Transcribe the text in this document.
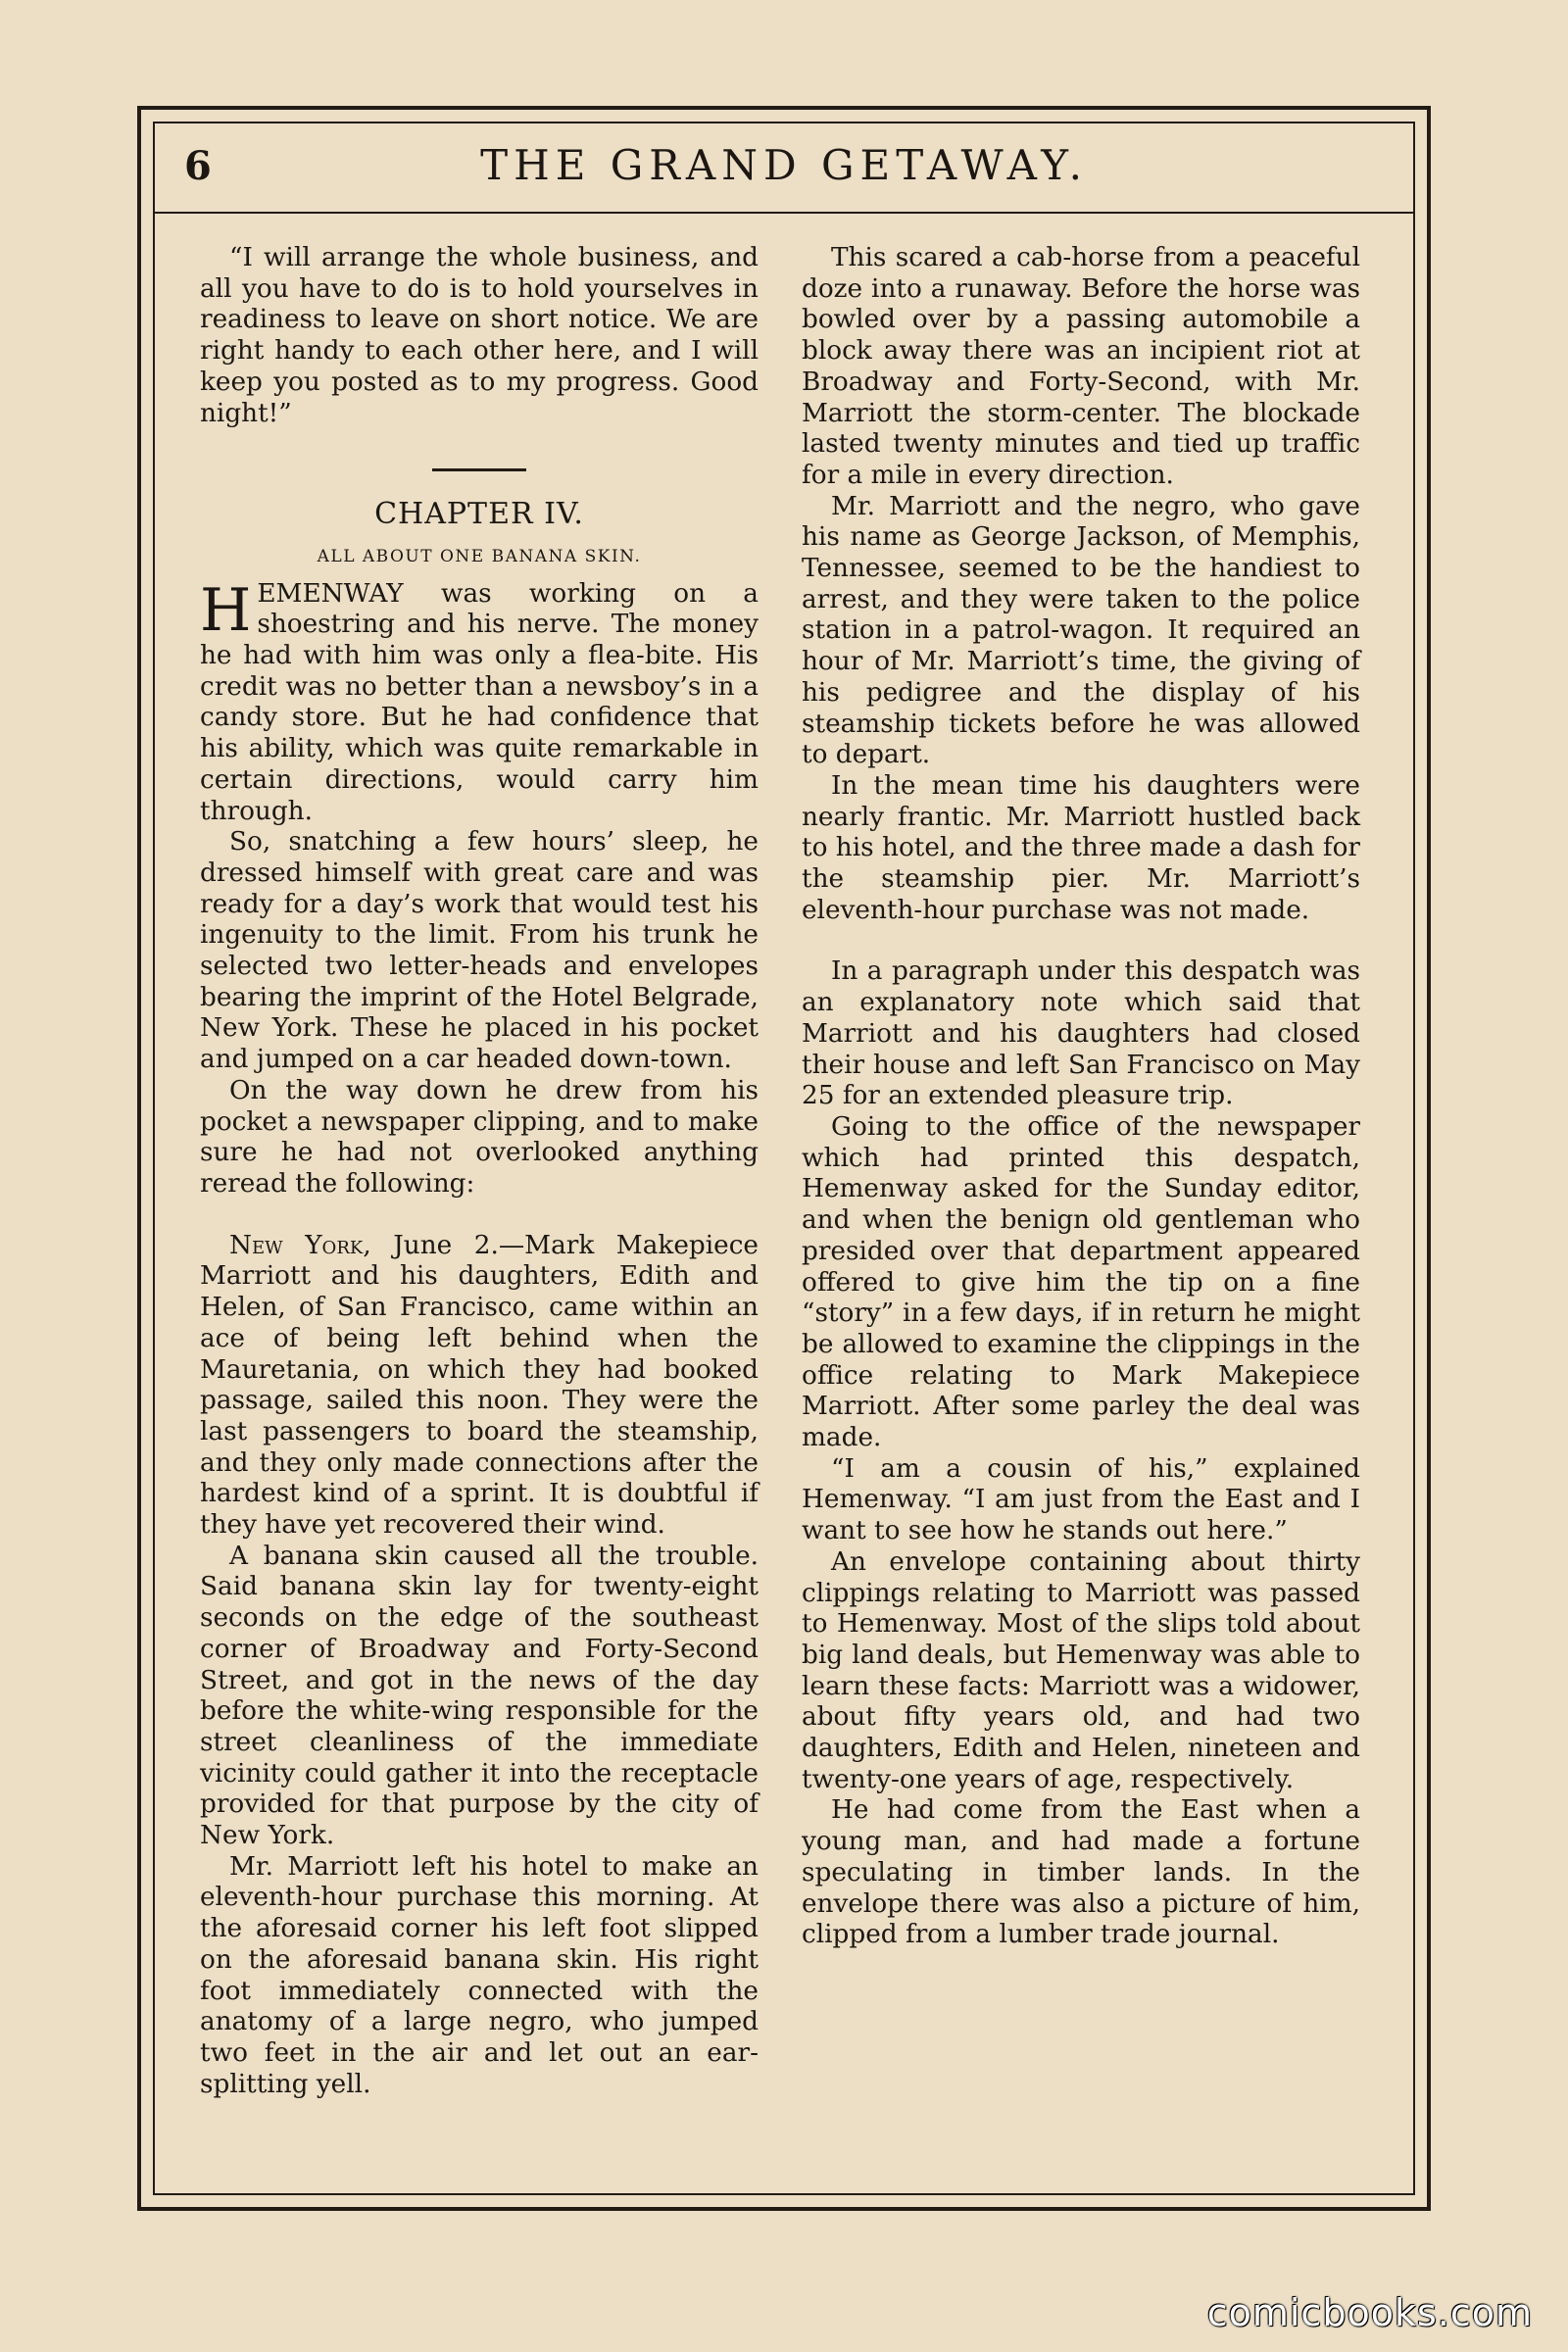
6	THE GRAND GETAWAY.

“I will arrange the whole business, and all you have to do is to hold yourselves in readiness to leave on short notice. We are right handy to each other here, and I will keep you posted as to my progress. Good night!”

CHAPTER IV.
ALL ABOUT ONE BANANA SKIN.

HEMENWAY was working on a shoestring and his nerve. The money he had with him was only a flea-bite. His credit was no better than a newsboy’s in a candy store. But he had confidence that his ability, which was quite remarkable in certain directions, would carry him through.

So, snatching a few hours’ sleep, he dressed himself with great care and was ready for a day’s work that would test his ingenuity to the limit. From his trunk he selected two letter-heads and envelopes bearing the imprint of the Hotel Belgrade, New York. These he placed in his pocket and jumped on a car headed down-town.

On the way down he drew from his pocket a newspaper clipping, and to make sure he had not overlooked anything reread the following:

New York, June 2.—Mark Makepiece Marriott and his daughters, Edith and Helen, of San Francisco, came within an ace of being left behind when the Mauretania, on which they had booked passage, sailed this noon. They were the last passengers to board the steamship, and they only made connections after the hardest kind of a sprint. It is doubtful if they have yet recovered their wind.

A banana skin caused all the trouble. Said banana skin lay for twenty-eight seconds on the edge of the southeast corner of Broadway and Forty-Second Street, and got in the news of the day before the white-wing responsible for the street cleanliness of the immediate vicinity could gather it into the receptacle provided for that purpose by the city of New York.

Mr. Marriott left his hotel to make an eleventh-hour purchase this morning. At the aforesaid corner his left foot slipped on the aforesaid banana skin. His right foot immediately connected with the anatomy of a large negro, who jumped two feet in the air and let out an ear-splitting yell.

This scared a cab-horse from a peaceful doze into a runaway. Before the horse was bowled over by a passing automobile a block away there was an incipient riot at Broadway and Forty-Second, with Mr. Marriott the storm-center. The blockade lasted twenty minutes and tied up traffic for a mile in every direction.

Mr. Marriott and the negro, who gave his name as George Jackson, of Memphis, Tennessee, seemed to be the handiest to arrest, and they were taken to the police station in a patrol-wagon. It required an hour of Mr. Marriott’s time, the giving of his pedigree and the display of his steamship tickets before he was allowed to depart.

In the mean time his daughters were nearly frantic. Mr. Marriott hustled back to his hotel, and the three made a dash for the steamship pier. Mr. Marriott’s eleventh-hour purchase was not made.

In a paragraph under this despatch was an explanatory note which said that Marriott and his daughters had closed their house and left San Francisco on May 25 for an extended pleasure trip.

Going to the office of the newspaper which had printed this despatch, Hemenway asked for the Sunday editor, and when the benign old gentleman who presided over that department appeared offered to give him the tip on a fine “story” in a few days, if in return he might be allowed to examine the clippings in the office relating to Mark Makepiece Marriott. After some parley the deal was made.

“I am a cousin of his,” explained Hemenway. “I am just from the East and I want to see how he stands out here.”

An envelope containing about thirty clippings relating to Marriott was passed to Hemenway. Most of the slips told about big land deals, but Hemenway was able to learn these facts: Marriott was a widower, about fifty years old, and had two daughters, Edith and Helen, nineteen and twenty-one years of age, respectively.

He had come from the East when a young man, and had made a fortune speculating in timber lands. In the envelope there was also a picture of him, clipped from a lumber trade journal.

comicbooks.com
